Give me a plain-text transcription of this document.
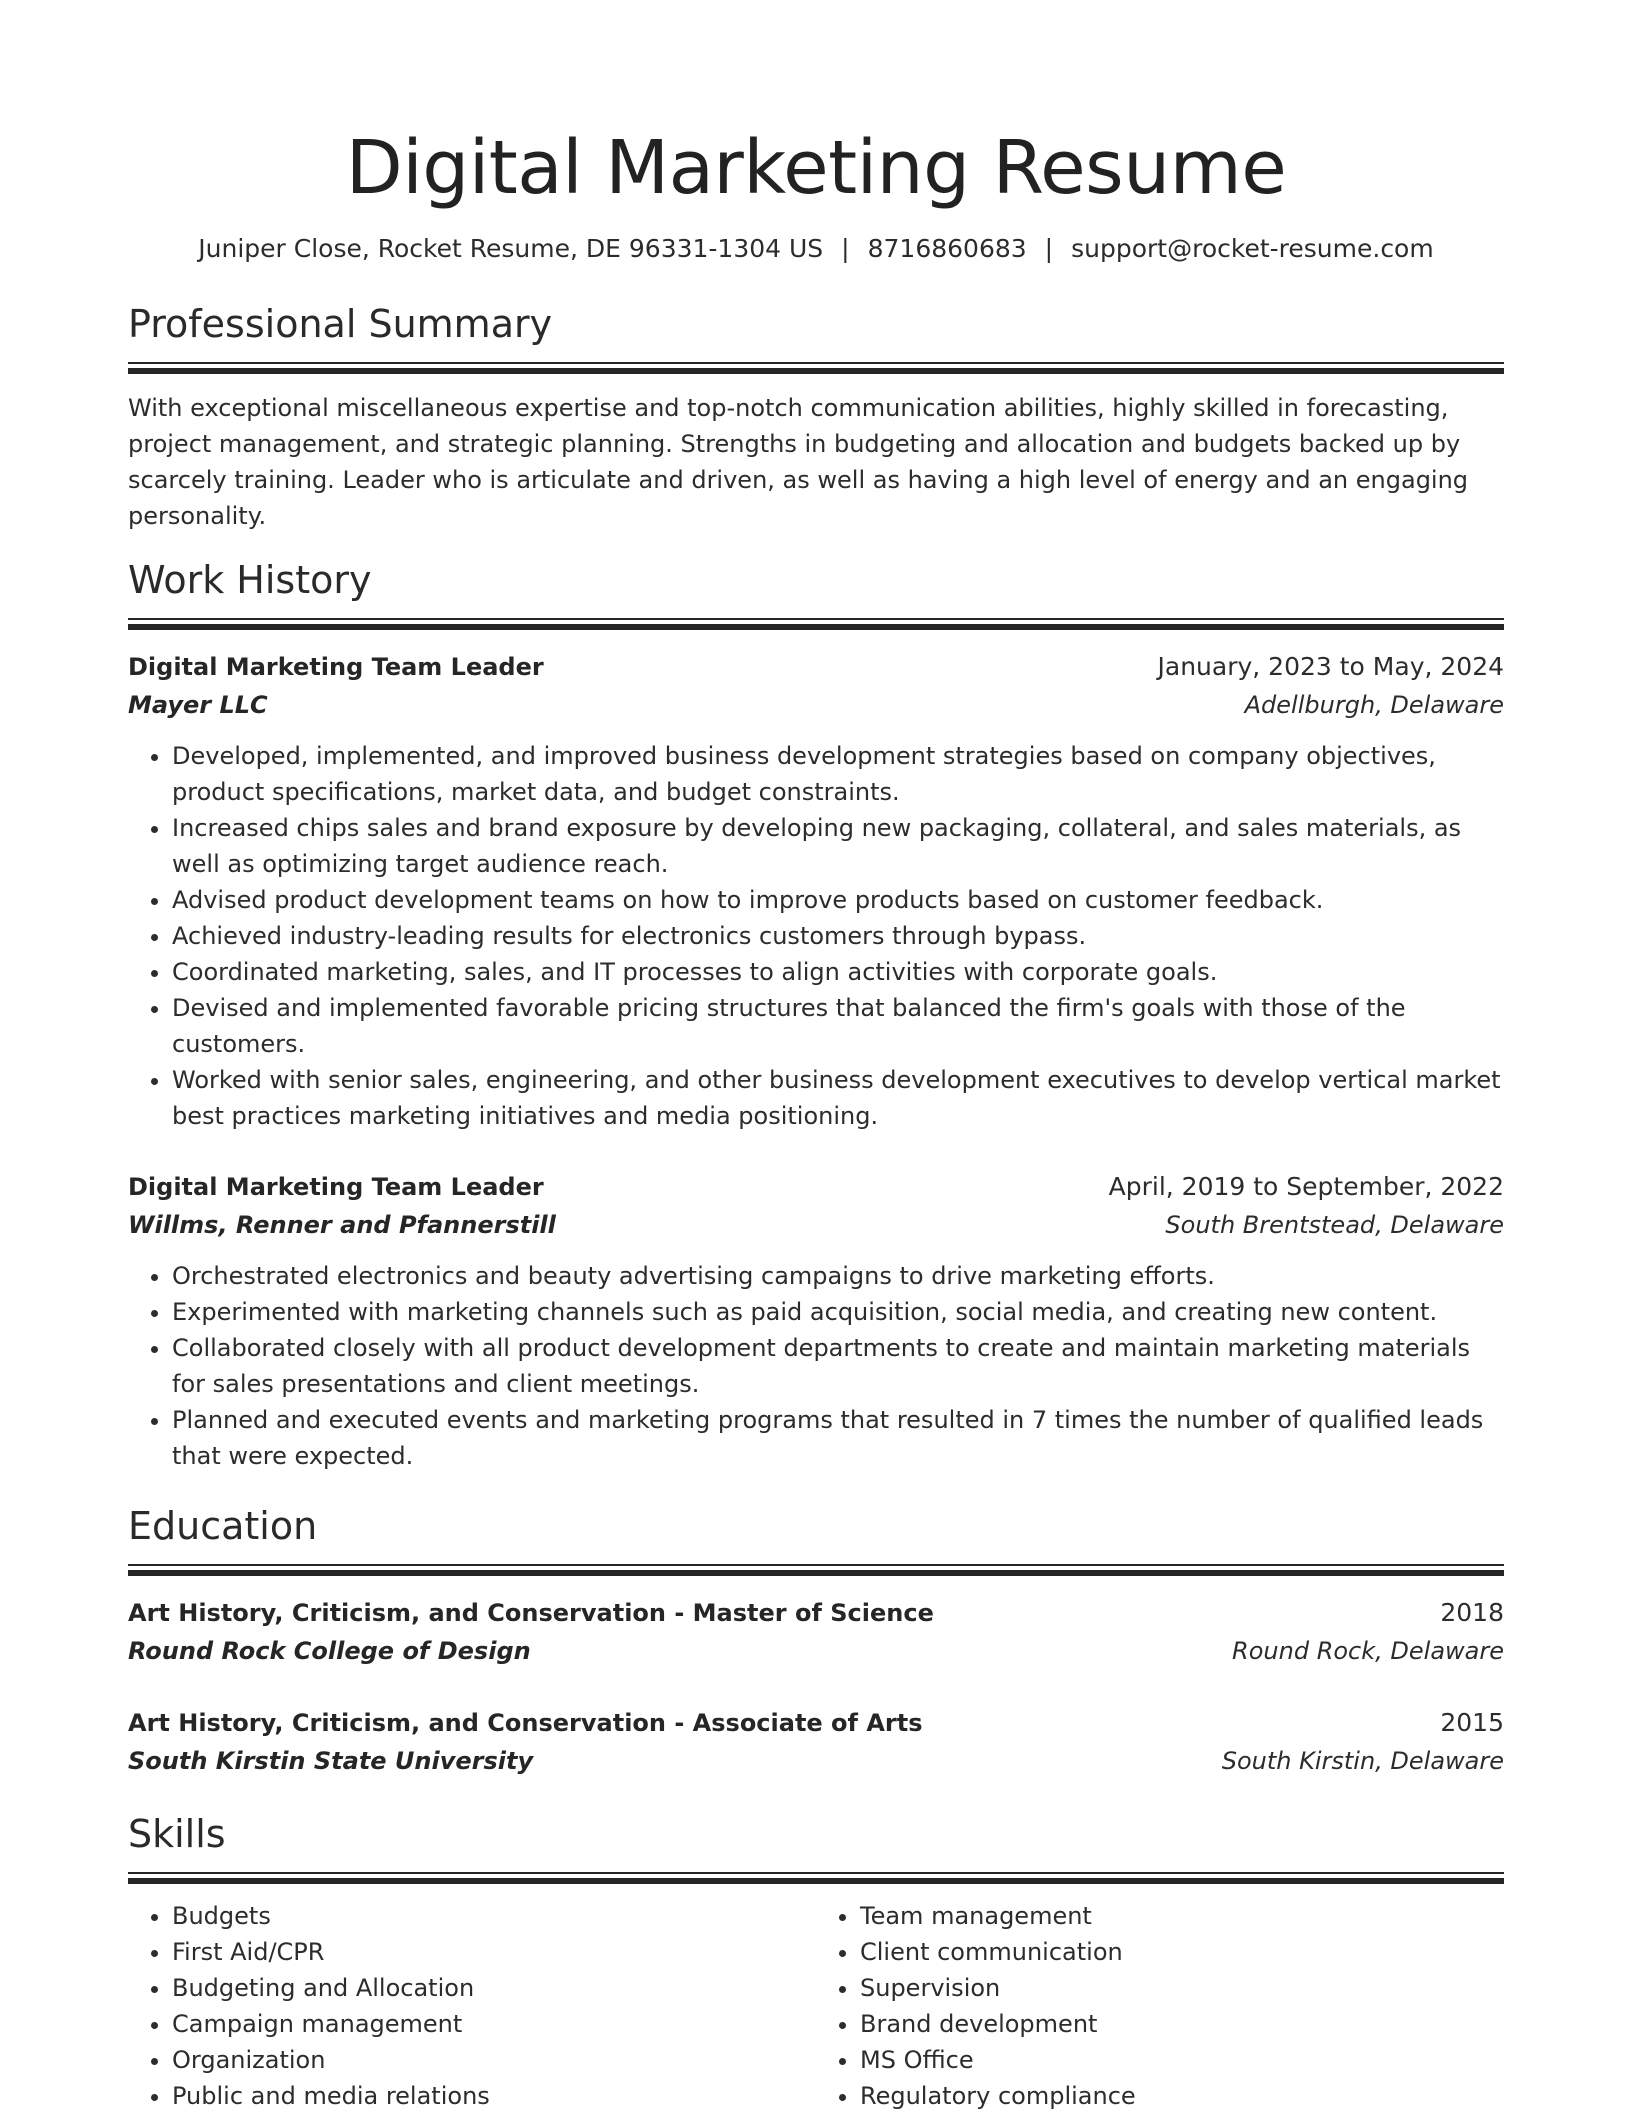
Digital Marketing Resume
Juniper Close, Rocket Resume, DE 96331-1304 US | 8716860683 | support@rocket-resume.com
Professional Summary

With exceptional miscellaneous expertise and top-notch communication abilities, highly skilled in forecasting, project management, and strategic planning. Strengths in budgeting and allocation and budgets backed up by scarcely training. Leader who is articulate and driven, as well as having a high level of energy and an engaging personality.

Work History
Digital Marketing Team Leader	January, 2023 to May, 2024
Mayer LLC	Adellburgh, Delaware
• Developed, implemented, and improved business development strategies based on company objectives, product specifications, market data, and budget constraints.
• Increased chips sales and brand exposure by developing new packaging, collateral, and sales materials, as well as optimizing target audience reach.
• Advised product development teams on how to improve products based on customer feedback.
• Achieved industry-leading results for electronics customers through bypass.
• Coordinated marketing, sales, and IT processes to align activities with corporate goals.
• Devised and implemented favorable pricing structures that balanced the firm's goals with those of the customers.
• Worked with senior sales, engineering, and other business development executives to develop vertical market best practices marketing initiatives and media positioning.
Digital Marketing Team Leader	April, 2019 to September, 2022
Willms, Renner and Pfannerstill	South Brentstead, Delaware
• Orchestrated electronics and beauty advertising campaigns to drive marketing efforts.
• Experimented with marketing channels such as paid acquisition, social media, and creating new content.
• Collaborated closely with all product development departments to create and maintain marketing materials for sales presentations and client meetings.
• Planned and executed events and marketing programs that resulted in 7 times the number of qualified leads that were expected.
Education
Art History, Criticism, and Conservation - Master of Science	2018
Round Rock College of Design	Round Rock, Delaware
Art History, Criticism, and Conservation - Associate of Arts	2015
South Kirstin State University	South Kirstin, Delaware
Skills
• Budgets
• First Aid/CPR
• Budgeting and Allocation
• Campaign management
• Organization
• Public and media relations
• Team management
• Client communication
• Supervision
• Brand development
• MS Office
• Regulatory compliance
